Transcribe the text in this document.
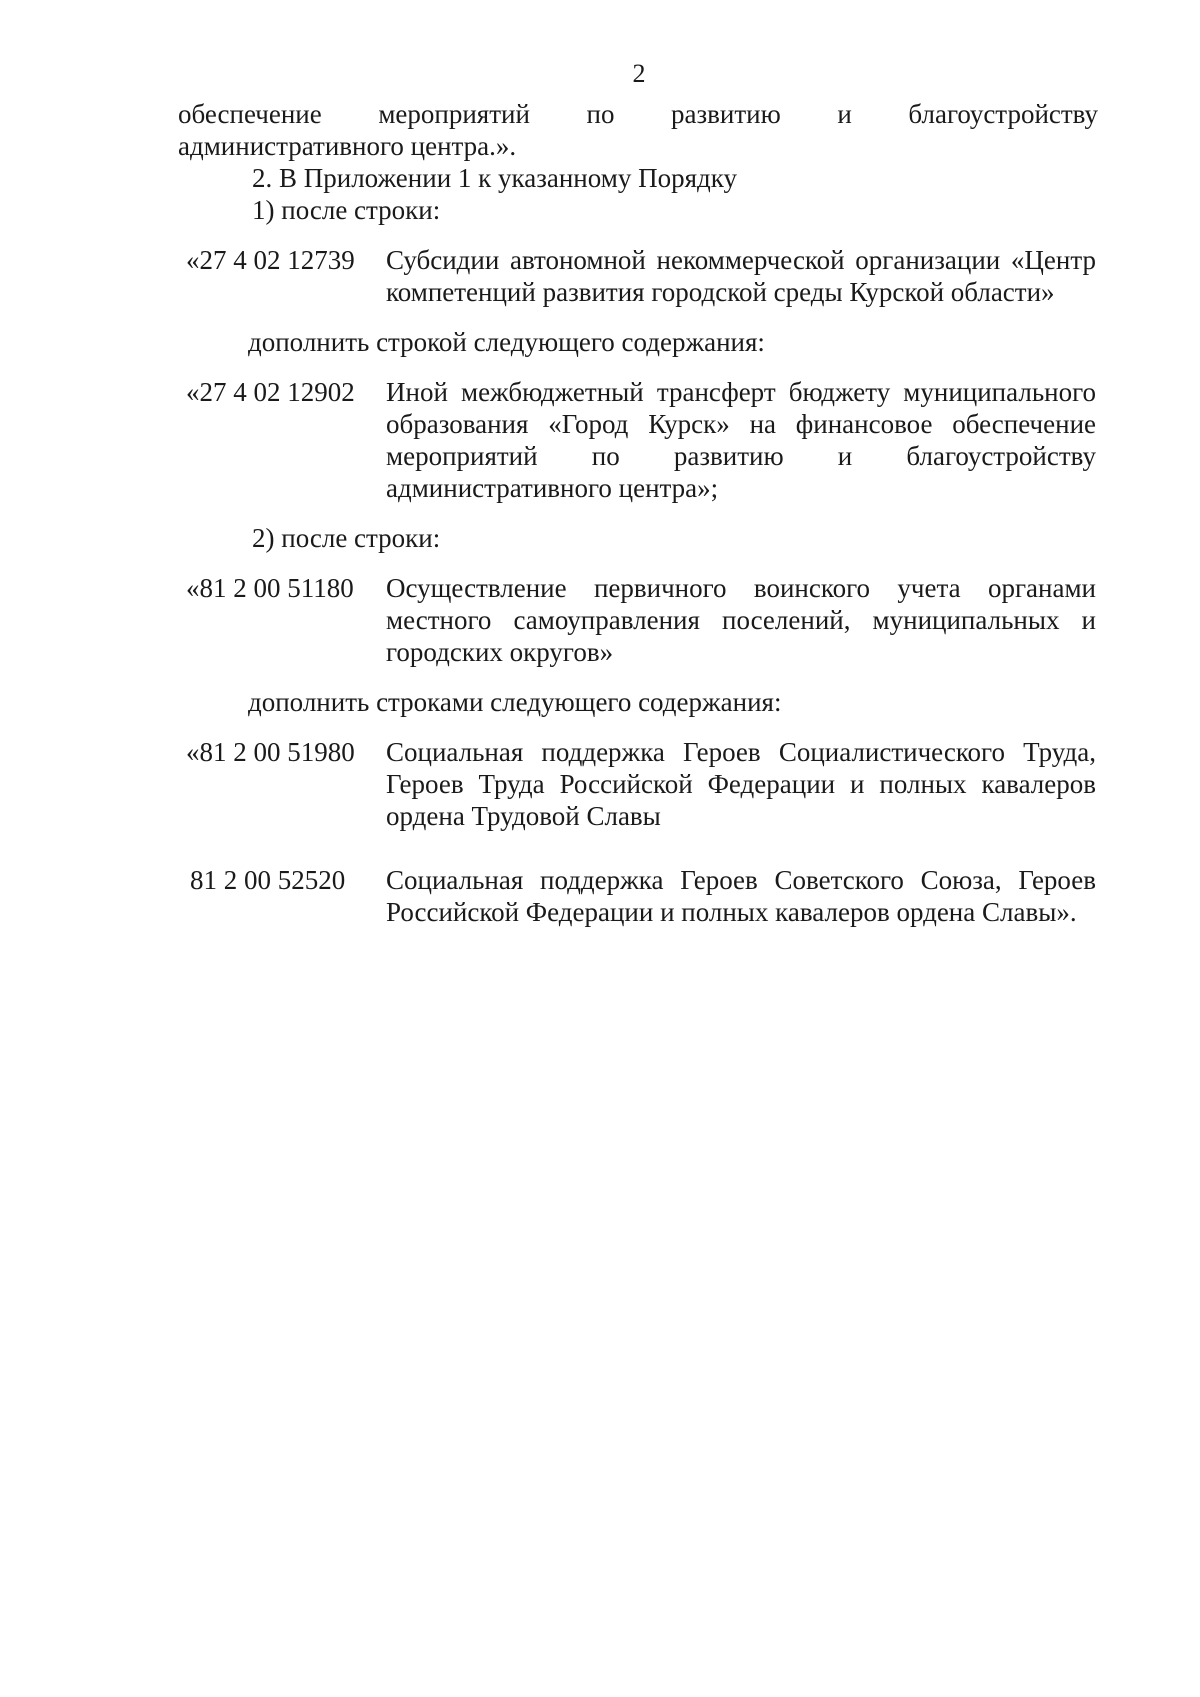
2
обеспечение мероприятий по развитию и благоустройству
административного центра.».
2. В Приложении 1 к указанному Порядку
1) после строки:
«27 4 02 12739	Субсидии автономной некоммерческой организации «Центр компетенций развития городской среды Курской области»
дополнить строкой следующего содержания:
«27 4 02 12902	Иной межбюджетный трансферт бюджету муниципального образования «Город Курск» на финансовое обеспечение мероприятий по развитию и благоустройству административного центра»;
2) после строки:
«81 2 00 51180	Осуществление первичного воинского учета органами местного самоуправления поселений, муниципальных и городских округов»
дополнить строками следующего содержания:
«81 2 00 51980	Социальная поддержка Героев Социалистического Труда, Героев Труда Российской Федерации и полных кавалеров ордена Трудовой Славы
81 2 00 52520	Социальная поддержка Героев Советского Союза, Героев Российской Федерации и полных кавалеров ордена Славы».
